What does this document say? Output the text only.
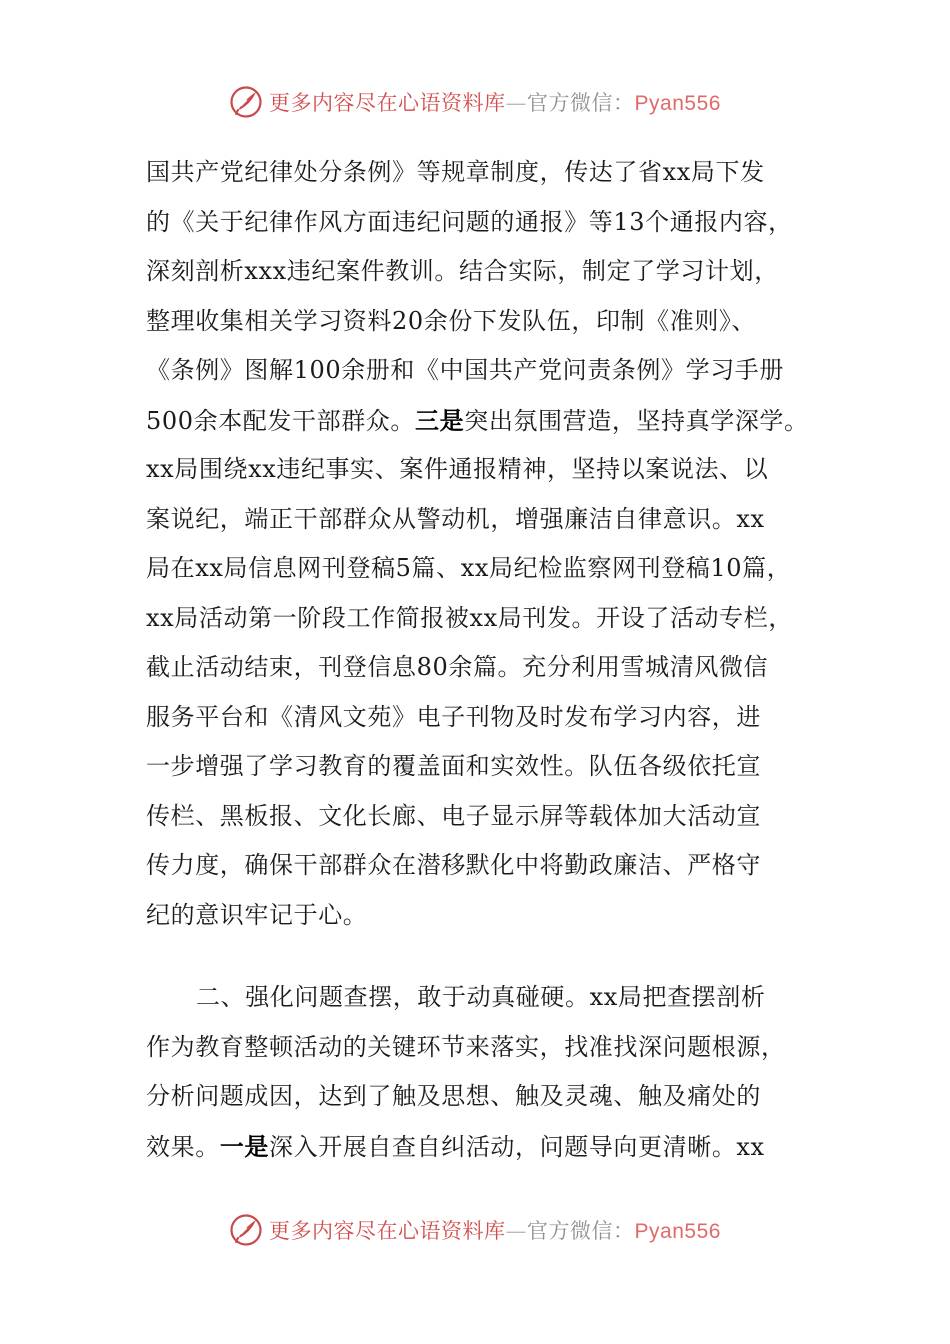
更多内容尽在心语资料库—官方微信：Pyan556
国共产党纪律处分条例》等规章制度，传达了省xx局下发
的《关于纪律作风方面违纪问题的通报》等13个通报内容，
深刻剖析xxx违纪案件教训。结合实际，制定了学习计划，
整理收集相关学习资料20余份下发队伍，印制《准则》、
《条例》图解100余册和《中国共产党问责条例》学习手册
500余本配发干部群众。三是突出氛围营造，坚持真学深学。
xx局围绕xx违纪事实、案件通报精神，坚持以案说法、以
案说纪，端正干部群众从警动机，增强廉洁自律意识。xx
局在xx局信息网刊登稿5篇、xx局纪检监察网刊登稿10篇，
xx局活动第一阶段工作简报被xx局刊发。开设了活动专栏，
截止活动结束，刊登信息80余篇。充分利用雪城清风微信
服务平台和《清风文苑》电子刊物及时发布学习内容，进
一步增强了学习教育的覆盖面和实效性。队伍各级依托宣
传栏、黑板报、文化长廊、电子显示屏等载体加大活动宣
传力度，确保干部群众在潜移默化中将勤政廉洁、严格守
纪的意识牢记于心。
二、强化问题查摆，敢于动真碰硬。xx局把查摆剖析
作为教育整顿活动的关键环节来落实，找准找深问题根源，
分析问题成因，达到了触及思想、触及灵魂、触及痛处的
效果。一是深入开展自查自纠活动，问题导向更清晰。xx
更多内容尽在心语资料库—官方微信：Pyan556
